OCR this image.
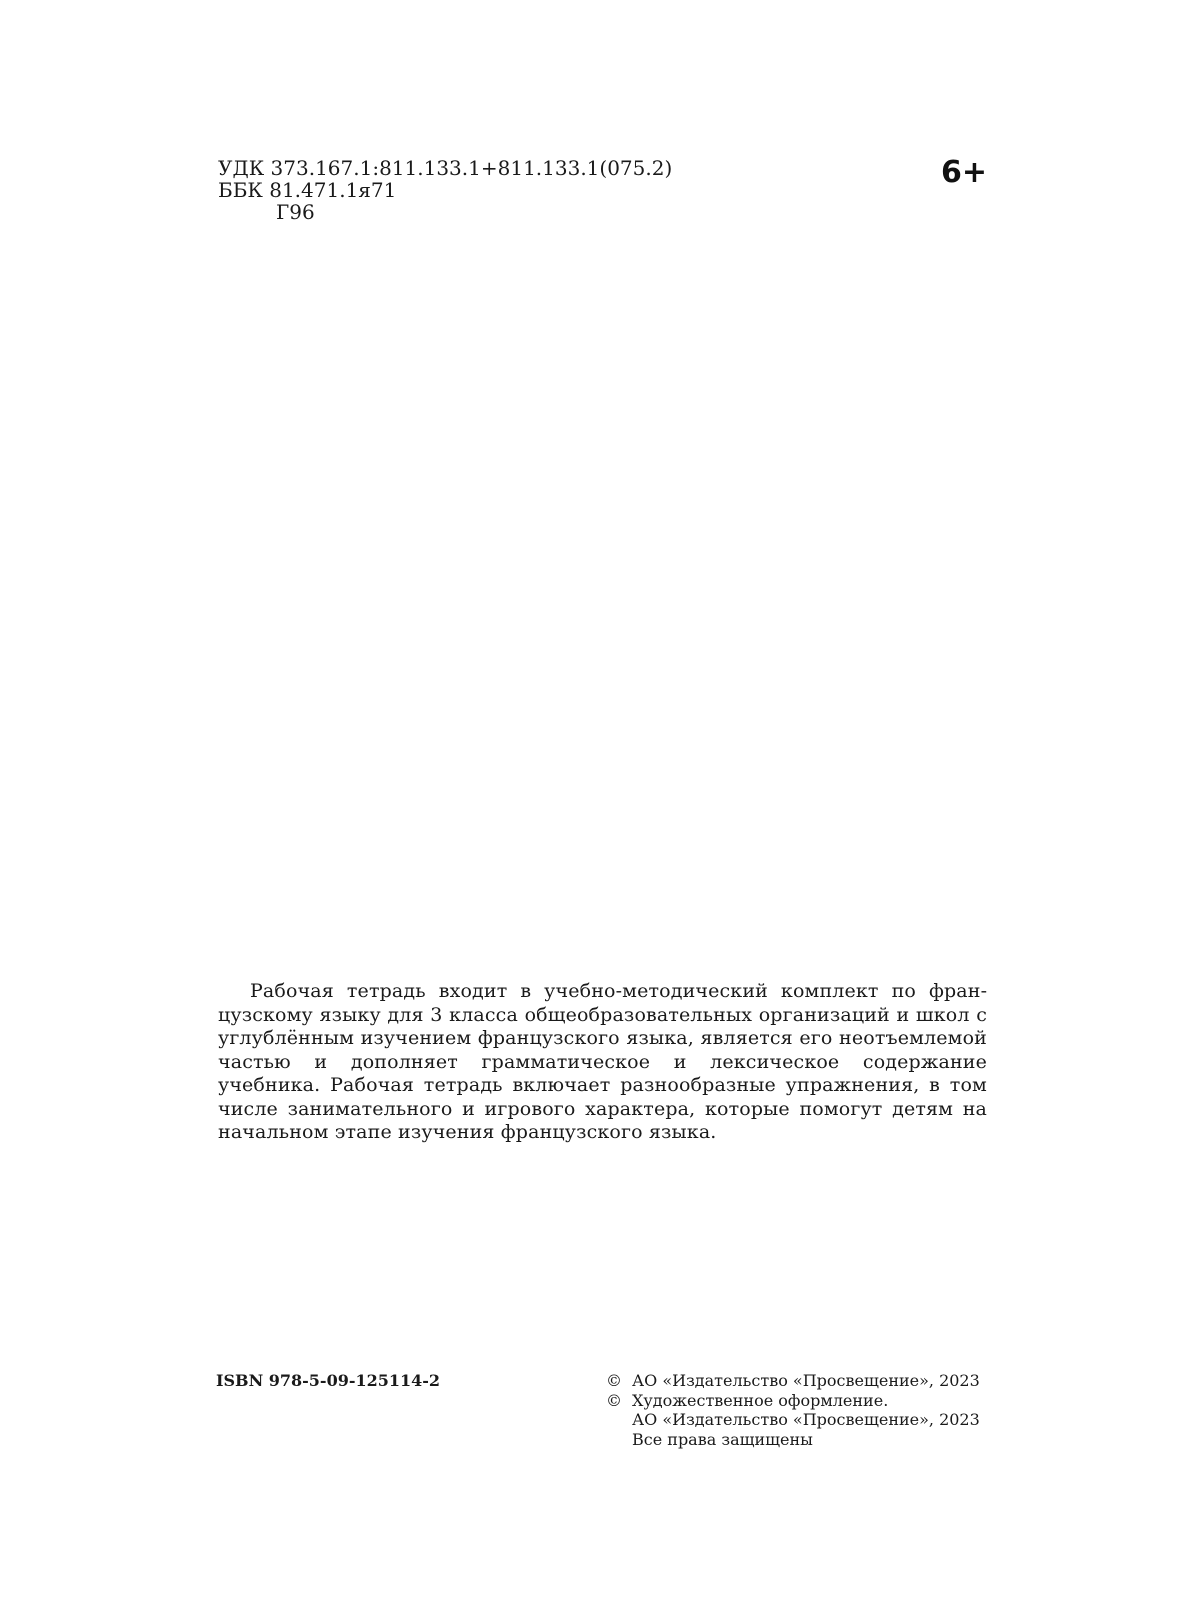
УДК 373.167.1:811.133.1+811.133.1(075.2)
ББК 81.471.1я71
Г96
6+

Рабочая тетрадь входит в учебно-методический комплект по французскому языку для 3 класса общеобразовательных организаций и школ с углублённым изучением французского языка, является его неотъемлемой частью и дополняет грамматическое и лексическое содержание учебника. Рабочая тетрадь включает разнообразные упражнения, в том числе занимательного и игрового характера, которые помогут детям на начальном этапе изучения французского языка.

ISBN 978-5-09-125114-2	© АО «Издательство «Просвещение», 2023
© Художественное оформление.
АО «Издательство «Просвещение», 2023
Все права защищены
